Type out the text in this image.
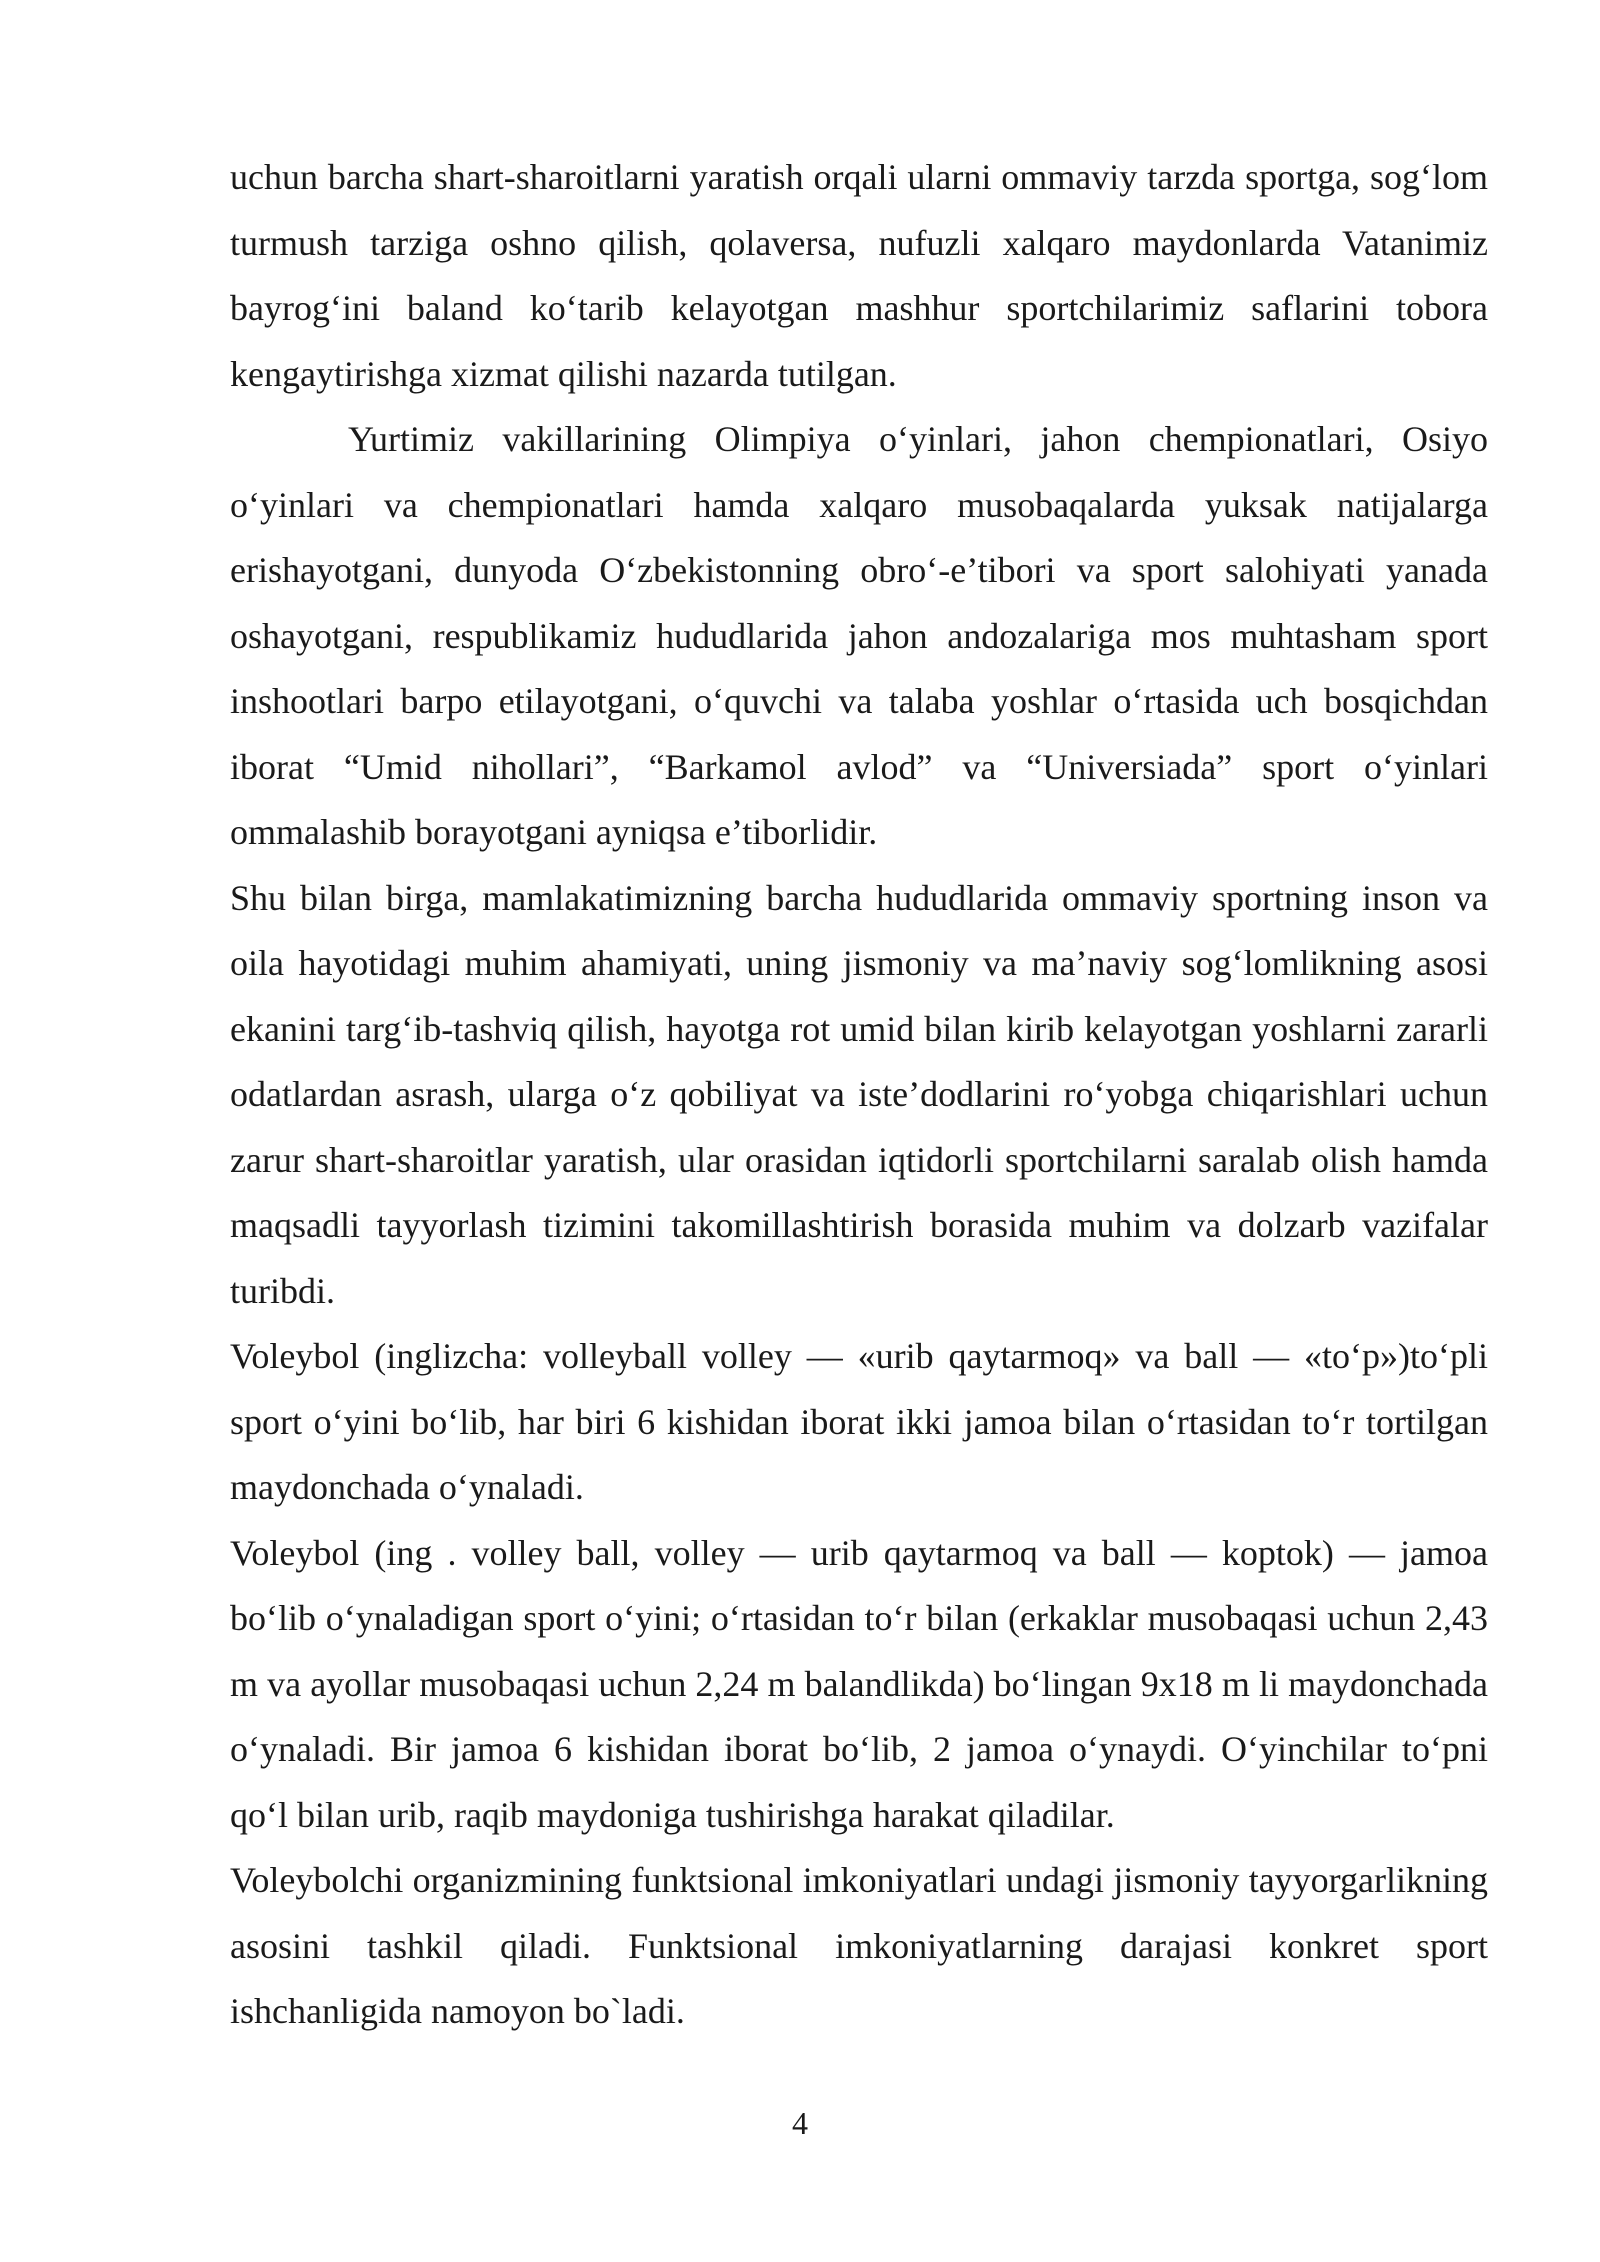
uchun barcha shart-sharoitlarni yaratish orqali ularni ommaviy tarzda sportga, sog‘lom turmush tarziga oshno qilish, qolaversa, nufuzli xalqaro maydonlarda Vatanimiz bayrog‘ini baland ko‘tarib kelayotgan mashhur sportchilarimiz saflarini tobora kengaytirishga xizmat qilishi nazarda tutilgan.

Yurtimiz vakillarining Olimpiya o‘yinlari, jahon chempionatlari, Osiyo o‘yinlari va chempionatlari hamda xalqaro musobaqalarda yuksak natijalarga erishayotgani, dunyoda O‘zbekistonning obro‘-e’tibori va sport salohiyati yanada oshayotgani, respublikamiz hududlarida jahon andozalariga mos muhtasham sport inshootlari barpo etilayotgani, o‘quvchi va talaba yoshlar o‘rtasida uch bosqichdan iborat “Umid nihollari”, “Barkamol avlod” va “Universiada” sport o‘yinlari ommalashib borayotgani ayniqsa e’tiborlidir.

Shu bilan birga, mamlakatimizning barcha hududlarida ommaviy sportning inson va oila hayotidagi muhim ahamiyati, uning jismoniy va ma’naviy sog‘lomlikning asosi ekanini targ‘ib-tashviq qilish, hayotga rot umid bilan kirib kelayotgan yoshlarni zararli odatlardan asrash, ularga o‘z qobiliyat va iste’dodlarini ro‘yobga chiqarishlari uchun zarur shart-sharoitlar yaratish, ular orasidan iqtidorli sportchilarni saralab olish hamda maqsadli tayyorlash tizimini takomillashtirish borasida muhim va dolzarb vazifalar turibdi.

Voleybol (inglizcha: volleyball volley — «urib qaytarmoq» va ball — «to‘p»)to‘pli sport o‘yini bo‘lib, har biri 6 kishidan iborat ikki jamoa bilan o‘rtasidan to‘r tortilgan maydonchada o‘ynaladi.

Voleybol (ing . volley ball, volley — urib qaytarmoq va ball — koptok) — jamoa bo‘lib o‘ynaladigan sport o‘yini; o‘rtasidan to‘r bilan (erkaklar musobaqasi uchun 2,43 m va ayollar musobaqasi uchun 2,24 m balandlikda) bo‘lingan 9x18 m li maydonchada o‘ynaladi. Bir jamoa 6 kishidan iborat bo‘lib, 2 jamoa o‘ynaydi. O‘yinchilar to‘pni qo‘l bilan urib, raqib maydoniga tushirishga harakat qiladilar.

Voleybolchi organizmining funktsional imkoniyatlari undagi jismoniy tayyorgarlikning asosini tashkil qiladi. Funktsional imkoniyatlarning darajasi konkret sport ishchanligida namoyon bo`ladi.

4
